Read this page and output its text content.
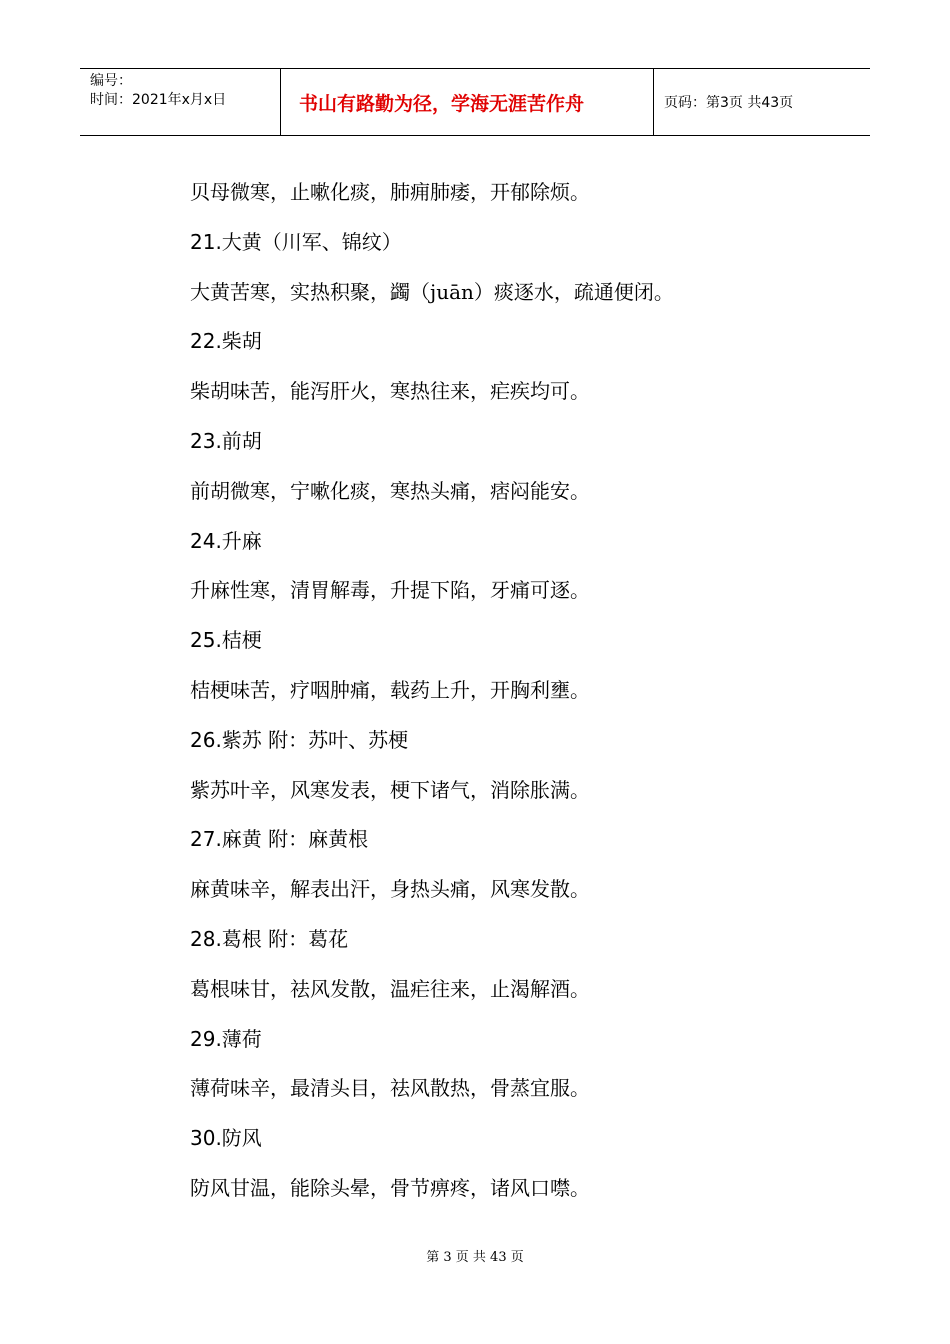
编号：
时间：2021年x月x日	书山有路勤为径，学海无涯苦作舟	页码：第3页 共43页
贝母微寒，止嗽化痰，肺痈肺痿，开郁除烦。
21.大黄（川军、锦纹）
大黄苦寒，实热积聚，蠲（juān）痰逐水，疏通便闭。
22.柴胡
柴胡味苦，能泻肝火，寒热往来，疟疾均可。
23.前胡
前胡微寒，宁嗽化痰，寒热头痛，痞闷能安。
24.升麻
升麻性寒，清胃解毒，升提下陷，牙痛可逐。
25.桔梗
桔梗味苦，疗咽肿痛，载药上升，开胸利壅。
26.紫苏 附：苏叶、苏梗
紫苏叶辛，风寒发表，梗下诸气，消除胀满。
27.麻黄 附：麻黄根
麻黄味辛，解表出汗，身热头痛，风寒发散。
28.葛根 附：葛花
葛根味甘，祛风发散，温疟往来，止渴解酒。
29.薄荷
薄荷味辛，最清头目，祛风散热，骨蒸宜服。
30.防风
防风甘温，能除头晕，骨节痹疼，诸风口噤。
第 3 页 共 43 页
